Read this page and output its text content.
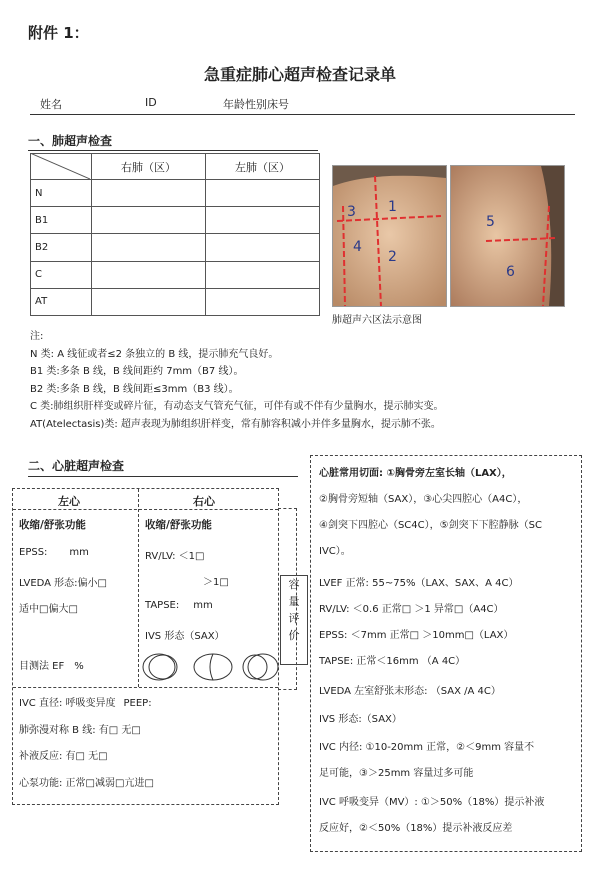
附件 1：
急重症肺心超声检查记录单
姓名	ID	年龄性别床号
一、肺超声检查
	右肺（区）	左肺（区）
N		
B1		
B2		
C		
AT		
1
2
3
4
5
6
肺超声六区法示意图
注:
N 类: A 线征或者≤2 条独立的 B 线，提示肺充气良好。
B1 类:多条 B 线，B 线间距约 7mm（B7 线）。
B2 类:多条 B 线，B 线间距≤3mm（B3 线）。
C 类:肺组织肝样变或碎片征，有动态支气管充气征，可伴有或不伴有少量胸水，提示肺实变。
AT(Atelectasis)类: 超声表现为肺组织肝样变，常有肺容积减小并伴多量胸水，提示肺不张。
二、心脏超声检查
左心	右心
收缩/舒张功能
EPSS: mm
LVEDA 形态:偏小□
适中□偏大□
目测法 EF %
收缩/舒张功能
RV/LV: ＜1□
＞1□
TAPSE: mm
IVS 形态（SAX）
IVC 直径: 呼吸变异度 PEEP:
肺弥漫对称 B 线: 有□ 无□
补液反应: 有□ 无□
心泵功能: 正常□减弱□亢进□
容
量
评
价
心脏常用切面: ①胸骨旁左室长轴（LAX），
②胸骨旁短轴（SAX），③心尖四腔心（A4C），
④剑突下四腔心（SC4C），⑤剑突下下腔静脉（SC
IVC）。
LVEF 正常: 55~75%（LAX、SAX、A 4C）
RV/LV: ＜0.6 正常□ ＞1 异常□（A4C）
EPSS: ＜7mm 正常□ ＞10mm□（LAX）
TAPSE: 正常＜16mm （A 4C）
LVEDA 左室舒张末形态: （SAX /A 4C）
IVS 形态:（SAX）
IVC 内径: ①10-20mm 正常，②＜9mm 容量不
足可能，③＞25mm 容量过多可能
IVC 呼吸变异（MV）: ①＞50%（18%）提示补液
反应好，②＜50%（18%）提示补液反应差
